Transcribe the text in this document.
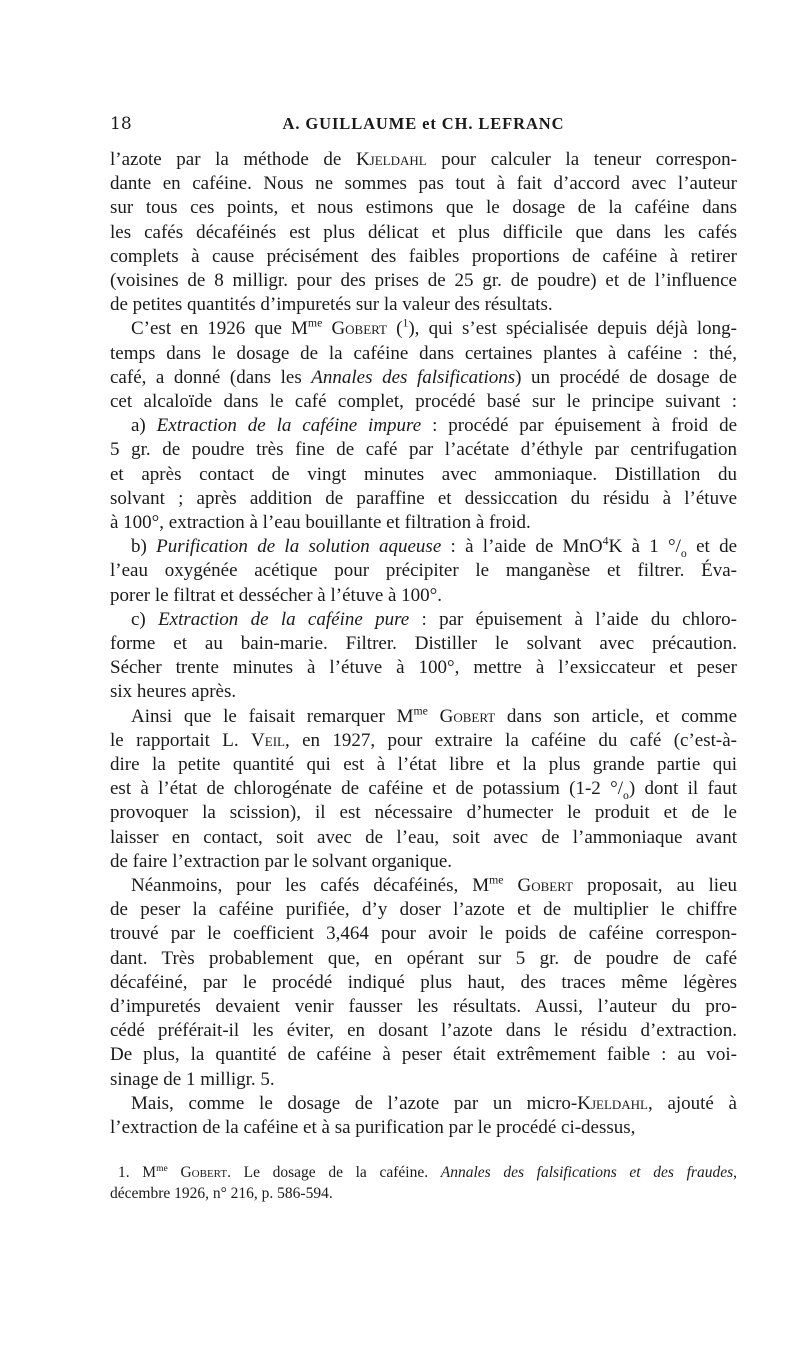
18	A. GUILLAUME et CH. LEFRANC
l’azote par la méthode de Kjeldahl pour calculer la teneur correspon-
dante en caféine. Nous ne sommes pas tout à fait d’accord avec l’auteur
sur tous ces points, et nous estimons que le dosage de la caféine dans
les cafés décaféinés est plus délicat et plus difficile que dans les cafés
complets à cause précisément des faibles proportions de caféine à retirer
(voisines de 8 milligr. pour des prises de 25 gr. de poudre) et de l’influence
de petites quantités d’impuretés sur la valeur des résultats.
C’est en 1926 que $M^{me}$ Gobert ($^1$), qui s’est spécialisée depuis déjà long-
temps dans le dosage de la caféine dans certaines plantes à caféine : thé,
café, a donné (dans les Annales des falsifications) un procédé de dosage de
cet alcaloïde dans le café complet, procédé basé sur le principe suivant :
a) Extraction de la caféine impure : procédé par épuisement à froid de
5 gr. de poudre très fine de café par l’acétate d’éthyle par centrifugation
et après contact de vingt minutes avec ammoniaque. Distillation du
solvant ; après addition de paraffine et dessiccation du résidu à l’étuve
à 100°, extraction à l’eau bouillante et filtration à froid.
b) Purification de la solution aqueuse : à l’aide de MnO$^4$K à 1 $^\circ/_o$ et de
l’eau oxygénée acétique pour précipiter le manganèse et filtrer. Éva-
porer le filtrat et dessécher à l’étuve à 100°.
c) Extraction de la caféine pure : par épuisement à l’aide du chloro-
forme et au bain-marie. Filtrer. Distiller le solvant avec précaution.
Sécher trente minutes à l’étuve à 100°, mettre à l’exsiccateur et peser
six heures après.
Ainsi que le faisait remarquer $M^{me}$ Gobert dans son article, et comme
le rapportait L. Veil, en 1927, pour extraire la caféine du café (c’est-à-
dire la petite quantité qui est à l’état libre et la plus grande partie qui
est à l’état de chlorogénate de caféine et de potassium (1-2 $^\circ/_o$) dont il faut
provoquer la scission), il est nécessaire d’humecter le produit et de le
laisser en contact, soit avec de l’eau, soit avec de l’ammoniaque avant
de faire l’extraction par le solvant organique.
Néanmoins, pour les cafés décaféinés, $M^{me}$ Gobert proposait, au lieu
de peser la caféine purifiée, d’y doser l’azote et de multiplier le chiffre
trouvé par le coefficient 3,464 pour avoir le poids de caféine correspon-
dant. Très probablement que, en opérant sur 5 gr. de poudre de café
décaféiné, par le procédé indiqué plus haut, des traces même légères
d’impuretés devaient venir fausser les résultats. Aussi, l’auteur du pro-
cédé préférait-il les éviter, en dosant l’azote dans le résidu d’extraction.
De plus, la quantité de caféine à peser était extrêmement faible : au voi-
sinage de 1 milligr. 5.
Mais, comme le dosage de l’azote par un micro-Kjeldahl, ajouté à
l’extraction de la caféine et à sa purification par le procédé ci-dessus,
1. $M^{me}$ Gobert. Le dosage de la caféine. Annales des falsifications et des fraudes,
décembre 1926, n° 216, p. 586-594.
